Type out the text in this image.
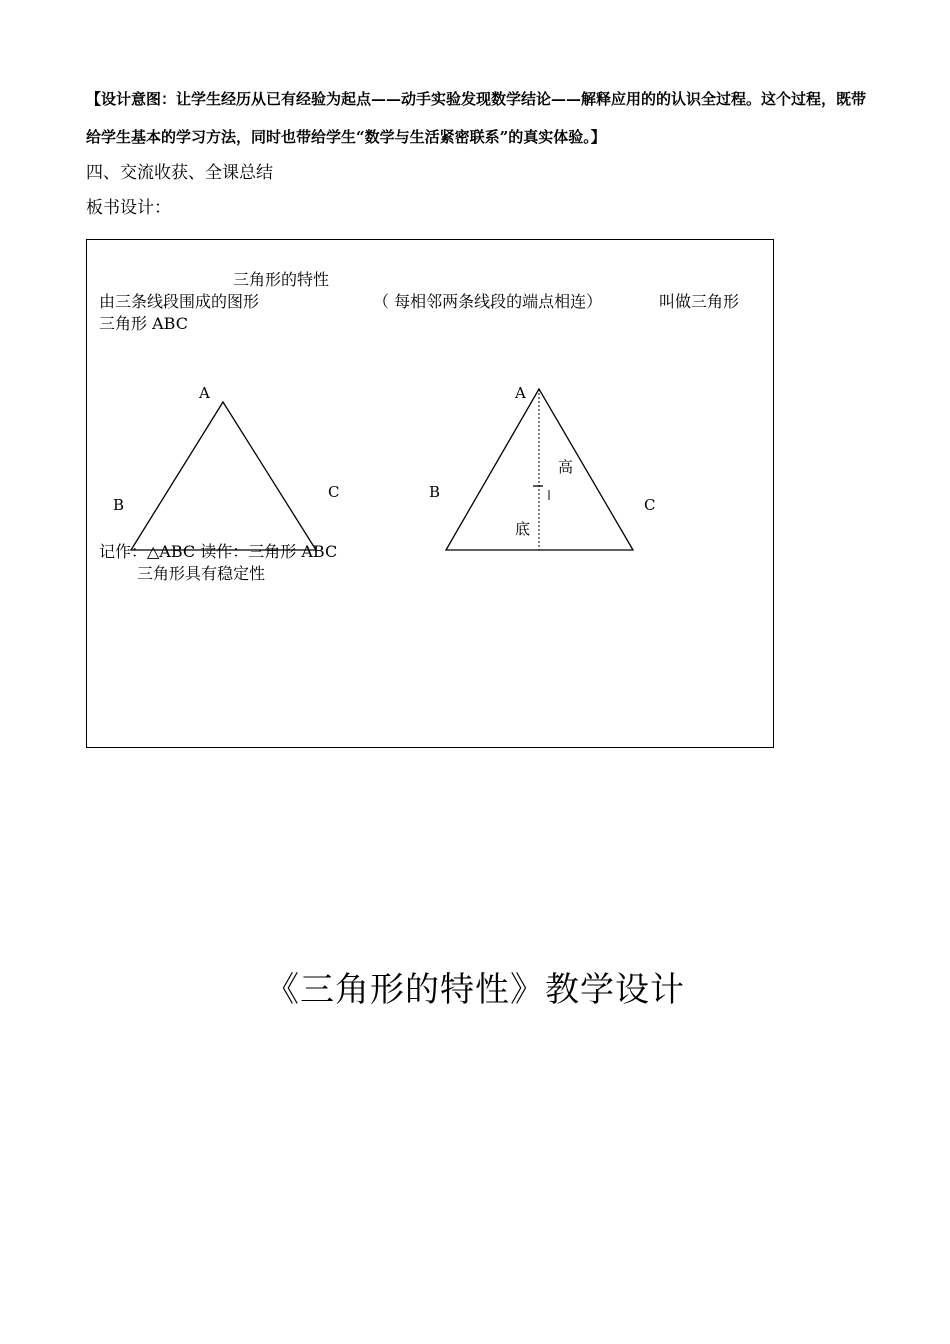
【设计意图：让学生经历从已有经验为起点——动手实验发现数学结论——解释应用的的认识全过程。这个过程，既带给学生基本的学习方法，同时也带给学生“数学与生活紧密联系”的真实体验。】
四、交流收获、全课总结
板书设计：
三角形的特性
由三条线段围成的图形	（ 每相邻两条线段的端点相连）	叫做三角形
三角形 ABC
A
B
C
A
B
C
高
底
记作：△ABC 读作：三角形 ABC
三角形具有稳定性
《三角形的特性》教学设计
